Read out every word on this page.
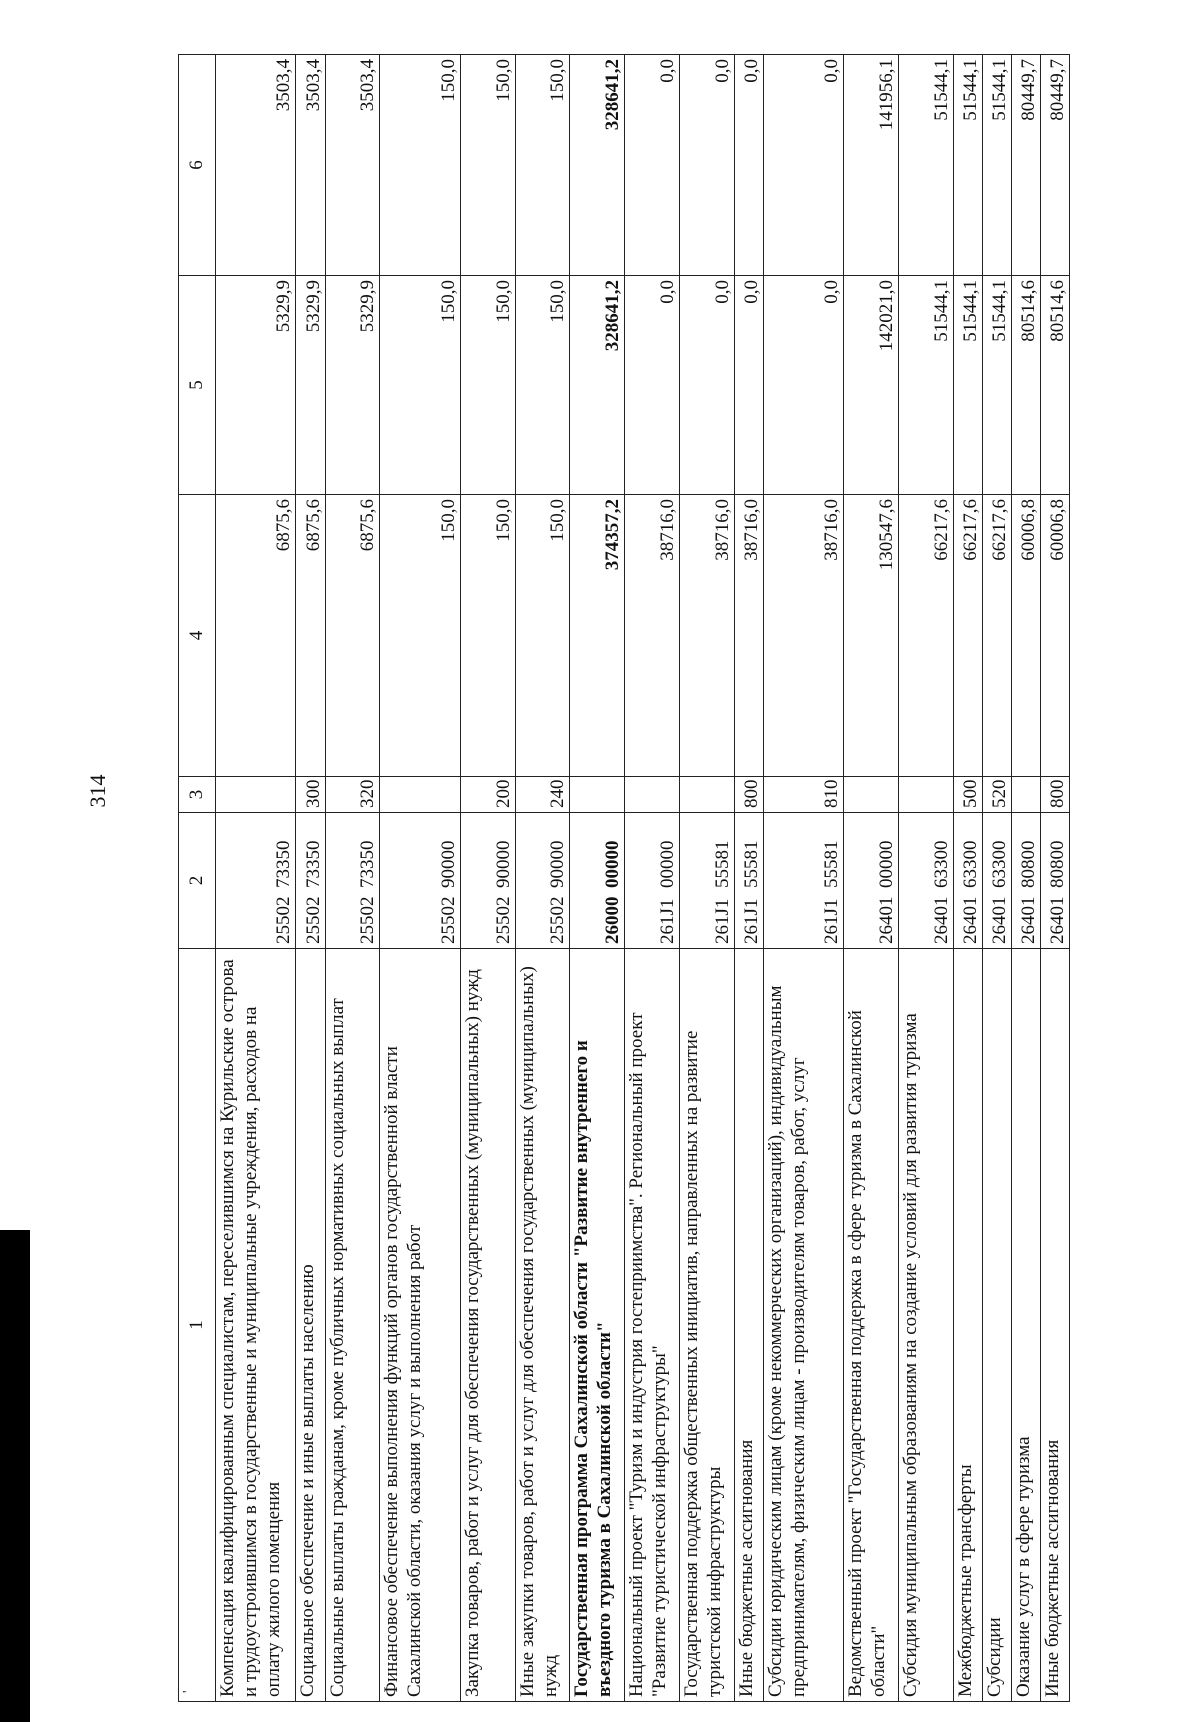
314
'
1	2	3	4	5	6
Компенсация квалифицированным специалистам, переселившимся на Курильские острова и трудоустроившимся в государственные и муниципальные учреждения, расходов на оплату жилого помещения	2550273350		6875,6	5329,9	3503,4
Социальное обеспечение и иные выплаты населению	2550273350	300	6875,6	5329,9	3503,4
Социальные выплаты гражданам, кроме публичных нормативных социальных выплат	2550273350	320	6875,6	5329,9	3503,4
Финансовое обеспечение выполнения функций органов государственной власти Сахалинской области, оказания услуг и выполнения работ	2550290000		150,0	150,0	150,0
Закупка товаров, работ и услуг для обеспечения государственных (муниципальных) нужд	2550290000	200	150,0	150,0	150,0
Иные закупки товаров, работ и услуг для обеспечения государственных (муниципальных) нужд	2550290000	240	150,0	150,0	150,0
Государственная программа Сахалинской области "Развитие внутреннего и въездного туризма в Сахалинской области"	2600000000		374357,2	328641,2	328641,2
Национальный проект "Туризм и индустрия гостеприимства". Региональный проект "Развитие туристической инфраструктуры"	261J100000		38716,0	0,0	0,0
Государственная поддержка общественных инициатив, направленных на развитие туристской инфраструктуры	261J155581		38716,0	0,0	0,0
Иные бюджетные ассигнования	261J155581	800	38716,0	0,0	0,0
Субсидии юридическим лицам (кроме некоммерческих организаций), индивидуальным предпринимателям, физическим лицам - производителям товаров, работ, услуг	261J155581	810	38716,0	0,0	0,0
Ведомственный проект "Государственная поддержка в сфере туризма в Сахалинской области"	2640100000		130547,6	142021,0	141956,1
Субсидия муниципальным образованиям на создание условий для развития туризма	2640163300		66217,6	51544,1	51544,1
Межбюджетные трансферты	2640163300	500	66217,6	51544,1	51544,1
Субсидии	2640163300	520	66217,6	51544,1	51544,1
Оказание услуг в сфере туризма	2640180800		60006,8	80514,6	80449,7
Иные бюджетные ассигнования	2640180800	800	60006,8	80514,6	80449,7
